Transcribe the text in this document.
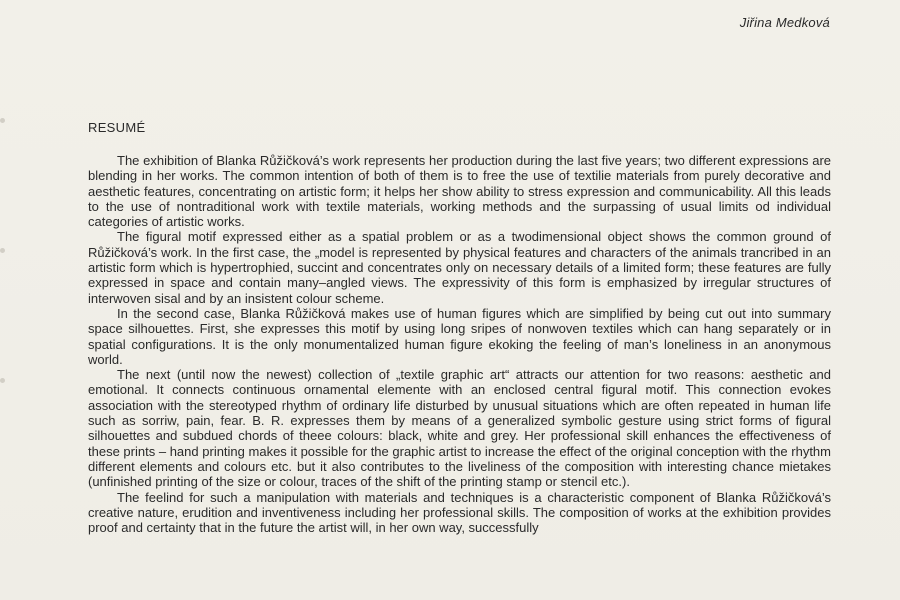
Jiřina Medková
RESUMÉ

The exhibition of Blanka Růžičková’s work represents her production during the last five years; two different expressions are blending in her works. The common intention of both of them is to free the use of textilie materials from purely decorative and aesthetic features, concentrating on artistic form; it helps her show ability to stress expression and communicability. All this leads to the use of nontraditional work with textile materials, working methods and the surpassing of usual limits od individual categories of artistic works.

The figural motif expressed either as a spatial problem or as a twodimensional object shows the common ground of Růžičková’s work. In the first case, the „model is represented by physical features and characters of the animals trancribed in an artistic form which is hypertrophied, succint and concentrates only on necessary details of a limited form; these features are fully expressed in space and contain many–angled views. The expressivity of this form is emphasized by irregular structures of interwoven sisal and by an insistent colour scheme.

In the second case, Blanka Růžičková makes use of human figures which are simplified by being cut out into summary space silhouettes. First, she expresses this motif by using long sripes of nonwoven textiles which can hang separately or in spatial configurations. It is the only monumentalized human figure ekoking the feeling of man’s loneliness in an anonymous world.

The next (until now the newest) collection of „textile graphic art“ attracts our attention for two reasons: aesthetic and emotional. It connects continuous ornamental elemente with an enclosed central figural motif. This connection evokes association with the stereotyped rhythm of ordinary life disturbed by unusual situations which are often repeated in human life such as sorriw, pain, fear. B. R. expresses them by means of a generalized symbolic gesture using strict forms of figural silhouettes and subdued chords of theee colours: black, white and grey. Her professional skill enhances the effectiveness of these prints – hand printing makes it possible for the graphic artist to increase the effect of the original conception with the rhythm different elements and colours etc. but it also contributes to the liveliness of the composition with interesting chance mietakes (unfinished printing of the size or colour, traces of the shift of the printing stamp or stencil etc.).

The feelind for such a manipulation with materials and techniques is a characteristic component of Blanka Růžičková’s creative nature, erudition and inventiveness including her professional skills. The composition of works at the exhibition provides proof and certainty that in the future the artist will, in her own way, successfully
